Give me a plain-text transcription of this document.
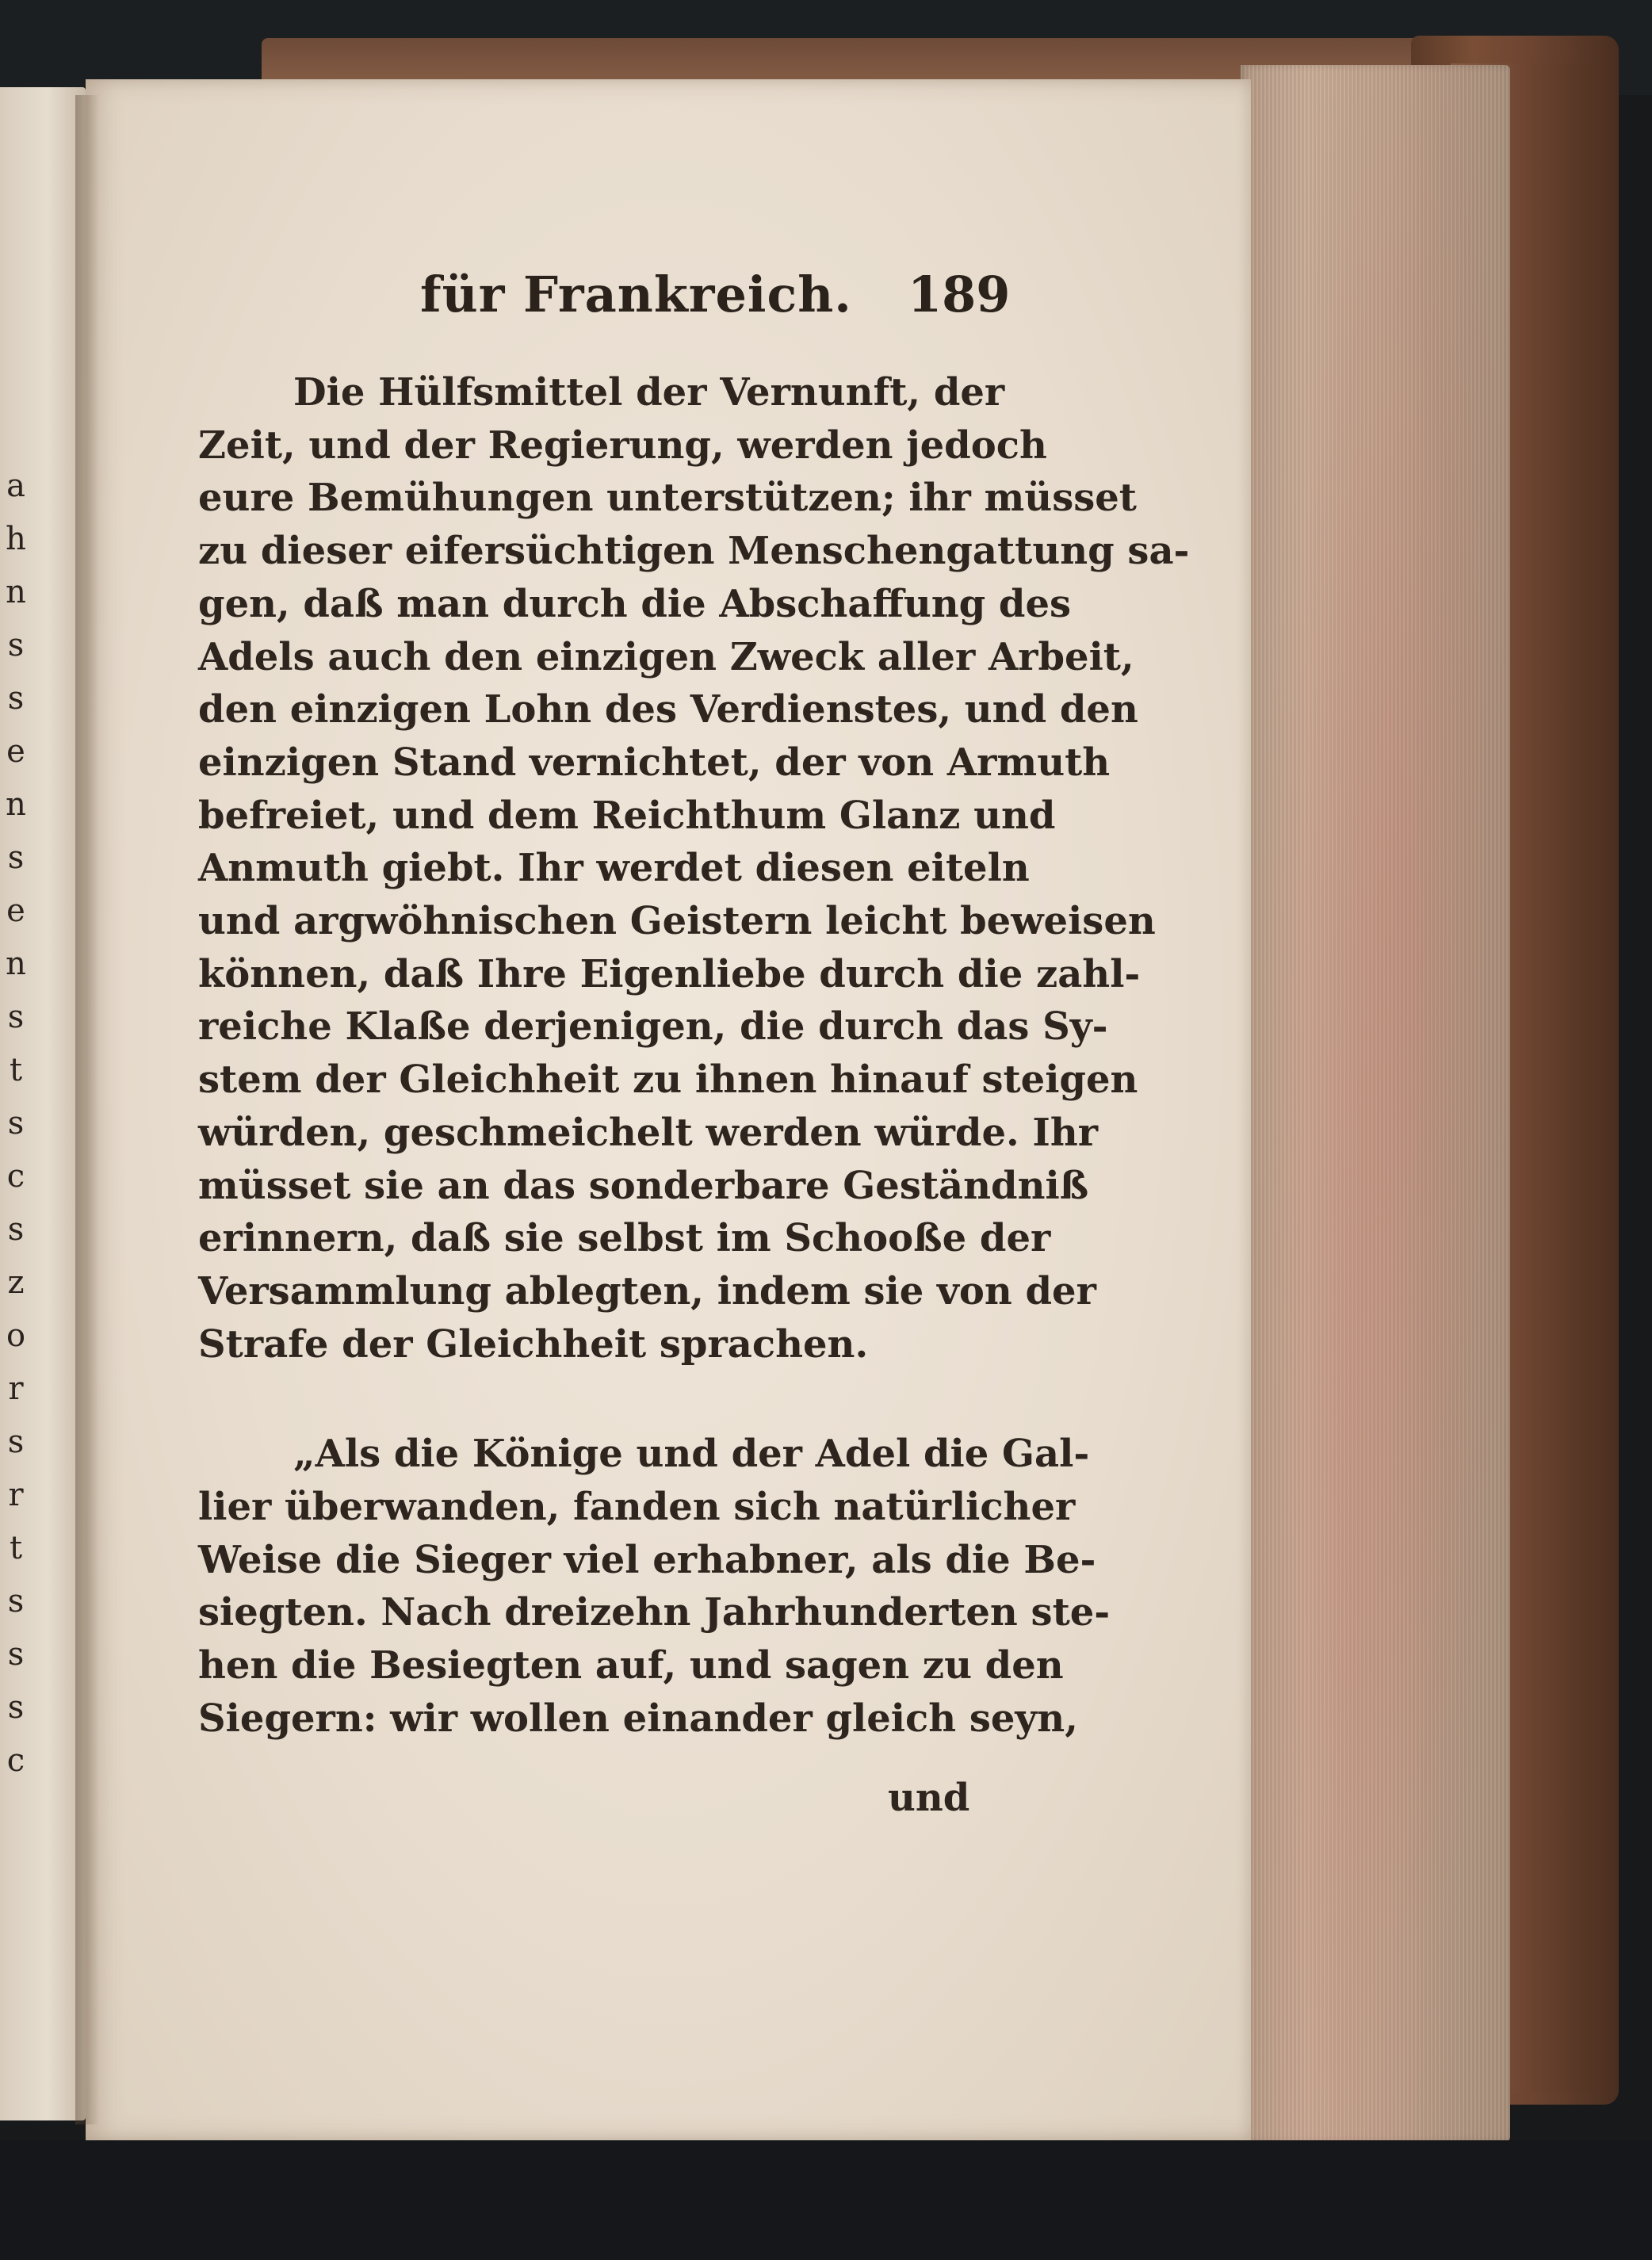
a
h
n
s
s
e
n
s
e
n
s
t
s
c
s
z
o
r
s
r
t
s
s
s
c
für Frankreich. 189
Die Hülfsmittel der Vernunft, der
Zeit, und der Regierung, werden jedoch
eure Bemühungen unterstützen; ihr müsset
zu dieser eifersüchtigen Menschengattung sa-
gen, daß man durch die Abschaffung des
Adels auch den einzigen Zweck aller Arbeit,
den einzigen Lohn des Verdienstes, und den
einzigen Stand vernichtet, der von Armuth
befreiet, und dem Reichthum Glanz und
Anmuth giebt. Ihr werdet diesen eiteln
und argwöhnischen Geistern leicht beweisen
können, daß Ihre Eigenliebe durch die zahl-
reiche Klaße derjenigen, die durch das Sy-
stem der Gleichheit zu ihnen hinauf steigen
würden, geschmeichelt werden würde. Ihr
müsset sie an das sonderbare Geständniß
erinnern, daß sie selbst im Schooße der
Versammlung ablegten, indem sie von der
Strafe der Gleichheit sprachen.
„Als die Könige und der Adel die Gal-
lier überwanden, fanden sich natürlicher
Weise die Sieger viel erhabner, als die Be-
siegten. Nach dreizehn Jahrhunderten ste-
hen die Besiegten auf, und sagen zu den
Siegern: wir wollen einander gleich seyn,
und
